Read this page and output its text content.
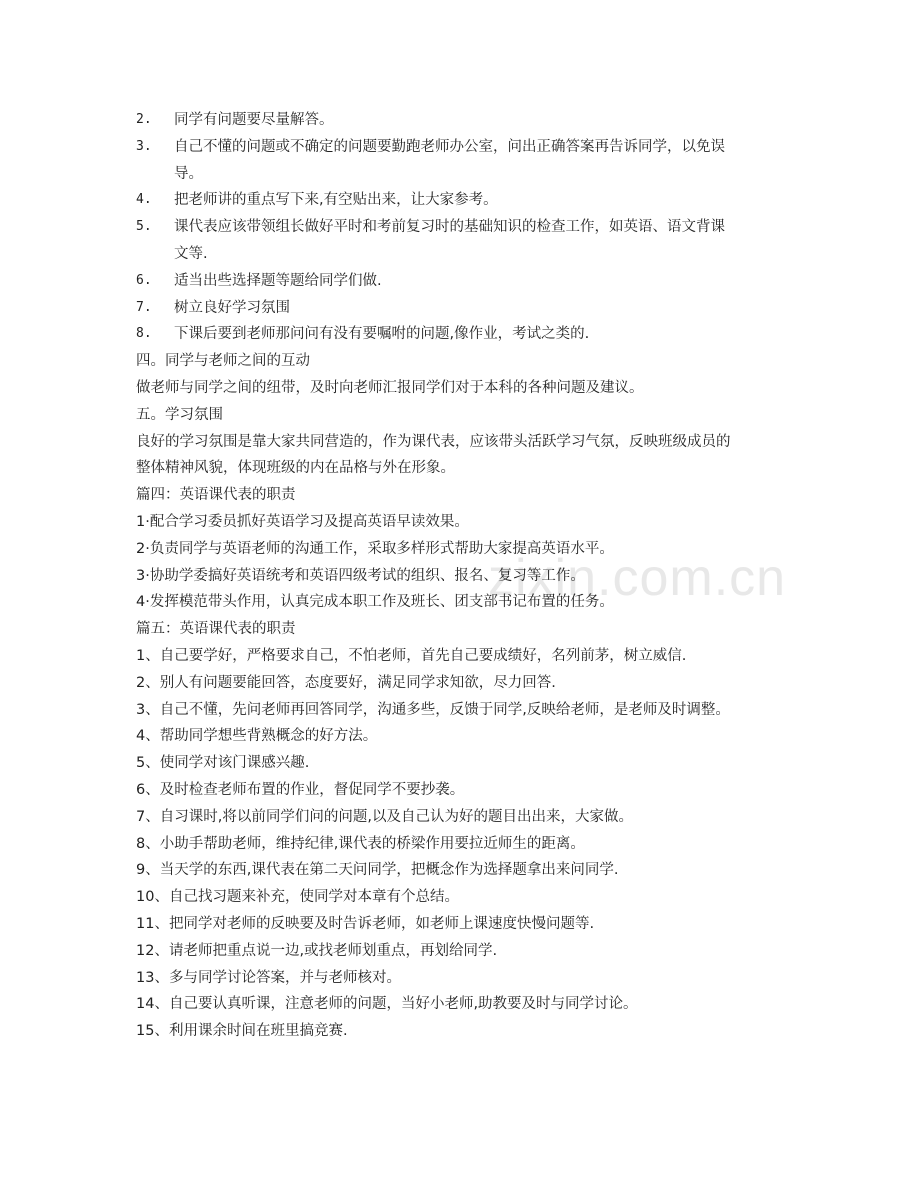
zixin.com.cn
2.	同学有问题要尽量解答。
3.	自己不懂的问题或不确定的问题要勤跑老师办公室，问出正确答案再告诉同学，以免误
导。
4.	把老师讲的重点写下来,有空贴出来，让大家参考。
5.	课代表应该带领组长做好平时和考前复习时的基础知识的检查工作，如英语、语文背课
文等.
6.	适当出些选择题等题给同学们做.
7.	树立良好学习氛围
8.	下课后要到老师那问问有没有要嘱咐的问题,像作业，考试之类的.
四。同学与老师之间的互动
做老师与同学之间的纽带，及时向老师汇报同学们对于本科的各种问题及建议。
五。学习氛围
良好的学习氛围是靠大家共同营造的，作为课代表，应该带头活跃学习气氛，反映班级成员的
整体精神风貌，体现班级的内在品格与外在形象。
篇四：英语课代表的职责
1·配合学习委员抓好英语学习及提高英语早读效果。
2·负责同学与英语老师的沟通工作，采取多样形式帮助大家提高英语水平。
3·协助学委搞好英语统考和英语四级考试的组织、报名、复习等工作。
4·发挥模范带头作用，认真完成本职工作及班长、团支部书记布置的任务。
篇五：英语课代表的职责
1、自己要学好，严格要求自己，不怕老师，首先自己要成绩好，名列前茅，树立威信.
2、别人有问题要能回答，态度要好，满足同学求知欲，尽力回答.
3、自己不懂，先问老师再回答同学，沟通多些，反馈于同学,反映给老师，是老师及时调整。
4、帮助同学想些背熟概念的好方法。
5、使同学对该门课感兴趣.
6、及时检查老师布置的作业，督促同学不要抄袭。
7、自习课时,将以前同学们问的问题,以及自己认为好的题目出出来，大家做。
8、小助手帮助老师，维持纪律,课代表的桥梁作用要拉近师生的距离。
9、当天学的东西,课代表在第二天问同学，把概念作为选择题拿出来问同学.
10、自己找习题来补充，使同学对本章有个总结。
11、把同学对老师的反映要及时告诉老师，如老师上课速度快慢问题等.
12、请老师把重点说一边,或找老师划重点，再划给同学.
13、多与同学讨论答案，并与老师核对。
14、自己要认真听课，注意老师的问题，当好小老师,助教要及时与同学讨论。
15、利用课余时间在班里搞竞赛.
